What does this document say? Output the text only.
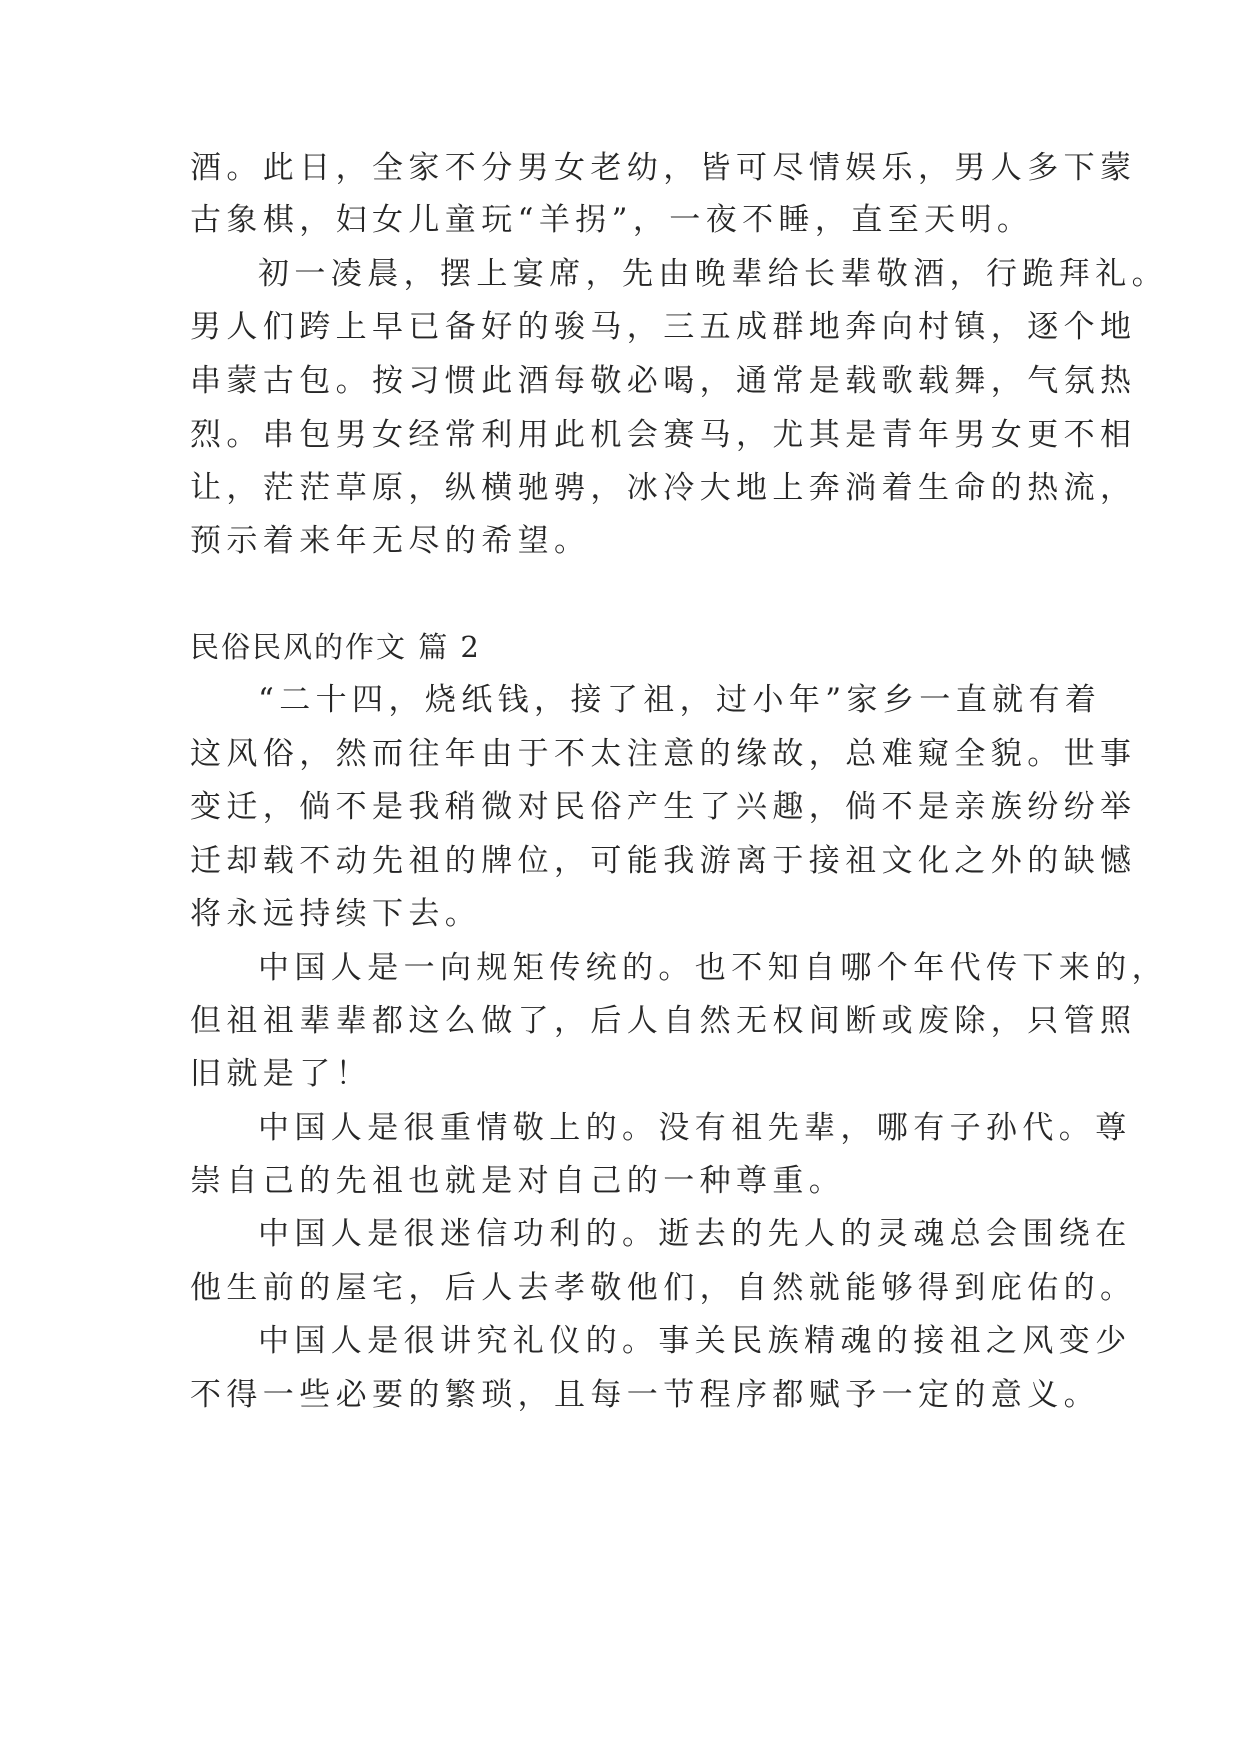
酒。此日，全家不分男女老幼，皆可尽情娱乐，男人多下蒙
古象棋，妇女儿童玩“羊拐”，一夜不睡，直至天明。
初一凌晨，摆上宴席，先由晚辈给长辈敬酒，行跪拜礼。
男人们跨上早已备好的骏马，三五成群地奔向村镇，逐个地
串蒙古包。按习惯此酒每敬必喝，通常是载歌载舞，气氛热
烈。串包男女经常利用此机会赛马，尤其是青年男女更不相
让，茫茫草原，纵横驰骋，冰冷大地上奔淌着生命的热流，
预示着来年无尽的希望。
民俗民风的作文 篇 2
“二十四，烧纸钱，接了祖，过小年”家乡一直就有着
这风俗，然而往年由于不太注意的缘故，总难窥全貌。世事
变迁，倘不是我稍微对民俗产生了兴趣，倘不是亲族纷纷举
迁却载不动先祖的牌位，可能我游离于接祖文化之外的缺憾
将永远持续下去。
中国人是一向规矩传统的。也不知自哪个年代传下来的，
但祖祖辈辈都这么做了，后人自然无权间断或废除，只管照
旧就是了！
中国人是很重情敬上的。没有祖先辈，哪有子孙代。尊
崇自己的先祖也就是对自己的一种尊重。
中国人是很迷信功利的。逝去的先人的灵魂总会围绕在
他生前的屋宅，后人去孝敬他们，自然就能够得到庇佑的。
中国人是很讲究礼仪的。事关民族精魂的接祖之风变少
不得一些必要的繁琐，且每一节程序都赋予一定的意义。
